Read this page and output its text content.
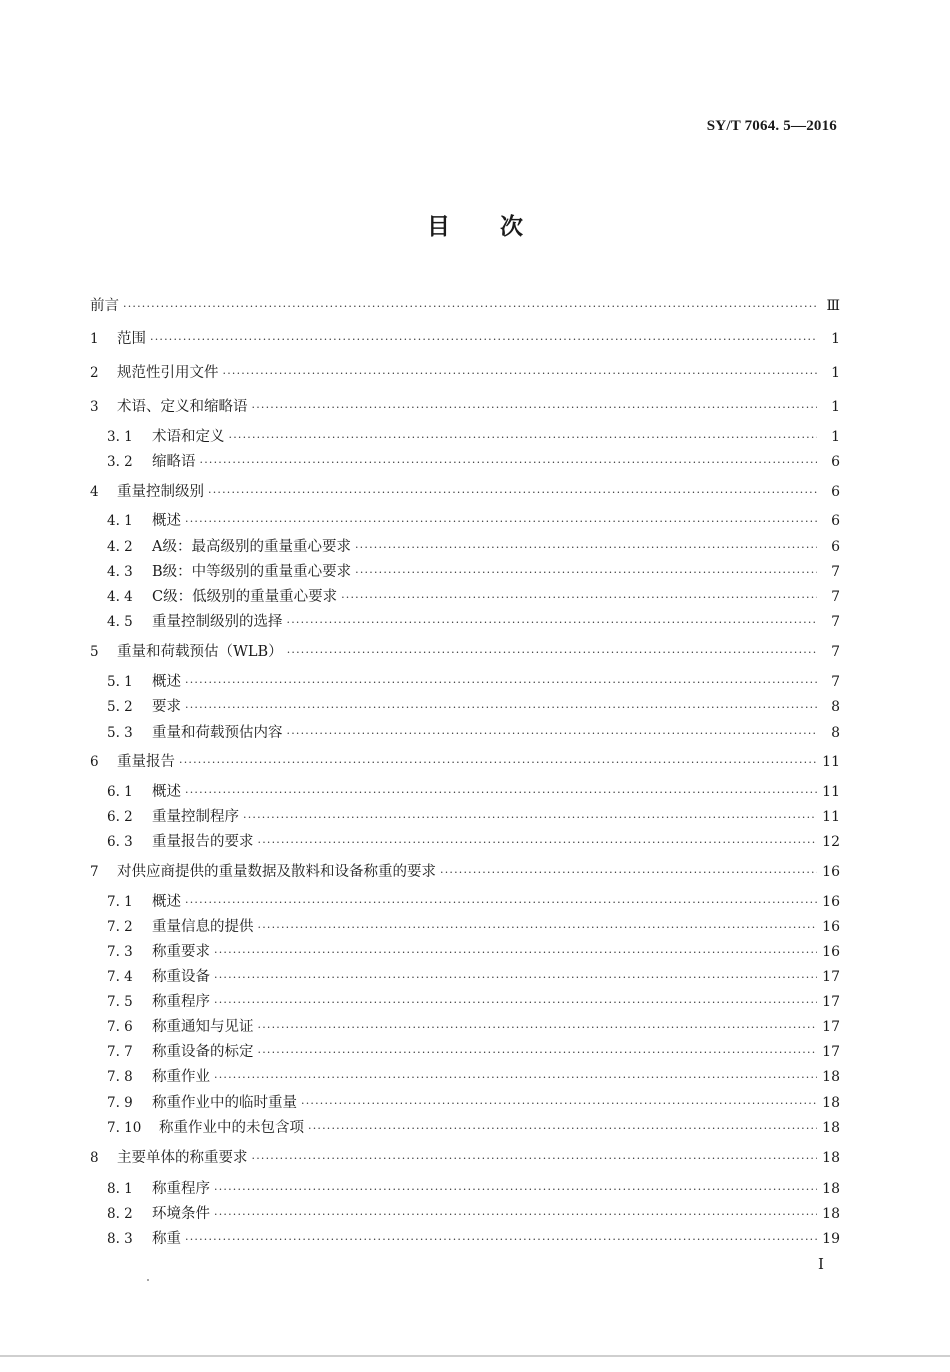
SY/T 7064. 5—2016
目 次
前言 ·····	Ⅲ
1	范围 ·····	1
2	规范性引用文件 ·····	1
3	术语、定义和缩略语 ·····	1
3. 1	术语和定义 ·····	1
3. 2	缩略语 ·····	6
4	重量控制级别 ·····	6
4. 1	概述 ·····	6
4. 2	A级：最高级别的重量重心要求 ·····	6
4. 3	B级：中等级别的重量重心要求 ·····	7
4. 4	C级：低级别的重量重心要求 ·····	7
4. 5	重量控制级别的选择 ·····	7
5	重量和荷载预估（WLB） ·····	7
5. 1	概述 ·····	7
5. 2	要求 ·····	8
5. 3	重量和荷载预估内容 ·····	8
6	重量报告 ·····	11
6. 1	概述 ·····	11
6. 2	重量控制程序 ·····	11
6. 3	重量报告的要求 ·····	12
7	对供应商提供的重量数据及散料和设备称重的要求 ·····	16
7. 1	概述 ·····	16
7. 2	重量信息的提供 ·····	16
7. 3	称重要求 ·····	16
7. 4	称重设备 ·····	17
7. 5	称重程序 ·····	17
7. 6	称重通知与见证 ·····	17
7. 7	称重设备的标定 ·····	17
7. 8	称重作业 ·····	18
7. 9	称重作业中的临时重量 ·····	18
7. 10	称重作业中的未包含项 ·····	18
8	主要单体的称重要求 ·····	18
8. 1	称重程序 ·····	18
8. 2	环境条件 ·····	18
8. 3	称重 ·····	19
I
